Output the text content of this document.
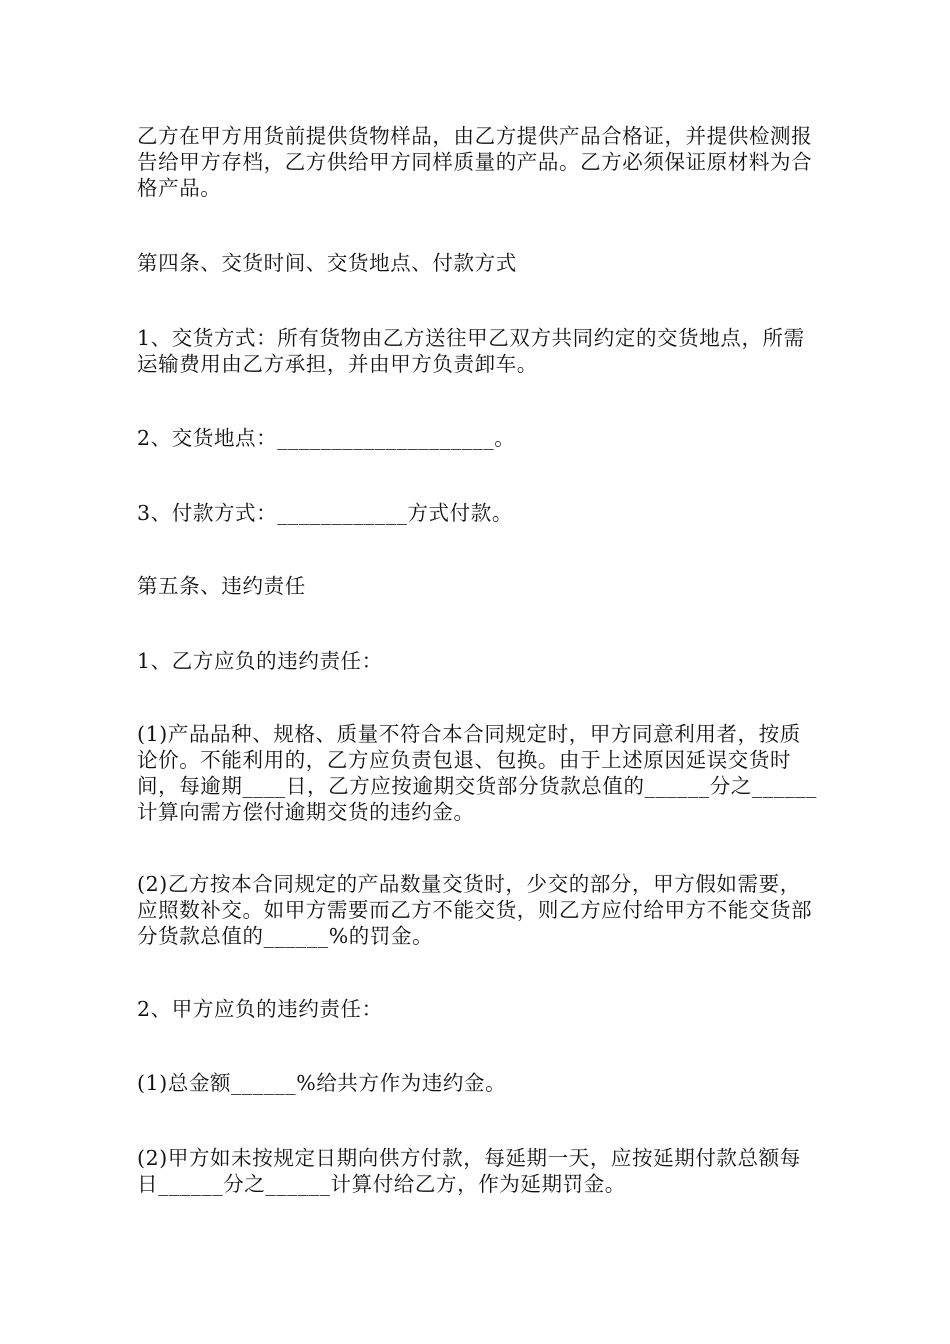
乙方在甲方用货前提供货物样品，由乙方提供产品合格证，并提供检测报告给甲方存档，乙方供给甲方同样质量的产品。乙方必须保证原材料为合格产品。

第四条、交货时间、交货地点、付款方式

1、交货方式：所有货物由乙方送往甲乙双方共同约定的交货地点，所需运输费用由乙方承担，并由甲方负责卸车。

2、交货地点：____________________。

3、付款方式：____________方式付款。

第五条、违约责任

1、乙方应负的违约责任：

(1)产品品种、规格、质量不符合本合同规定时，甲方同意利用者，按质论价。不能利用的，乙方应负责包退、包换。由于上述原因延误交货时间，每逾期____日，乙方应按逾期交货部分货款总值的______分之______计算向需方偿付逾期交货的违约金。

(2)乙方按本合同规定的产品数量交货时，少交的部分，甲方假如需要，应照数补交。如甲方需要而乙方不能交货，则乙方应付给甲方不能交货部分货款总值的______%的罚金。

2、甲方应负的违约责任：

(1)总金额______%给共方作为违约金。

(2)甲方如未按规定日期向供方付款，每延期一天，应按延期付款总额每日______分之______计算付给乙方，作为延期罚金。
